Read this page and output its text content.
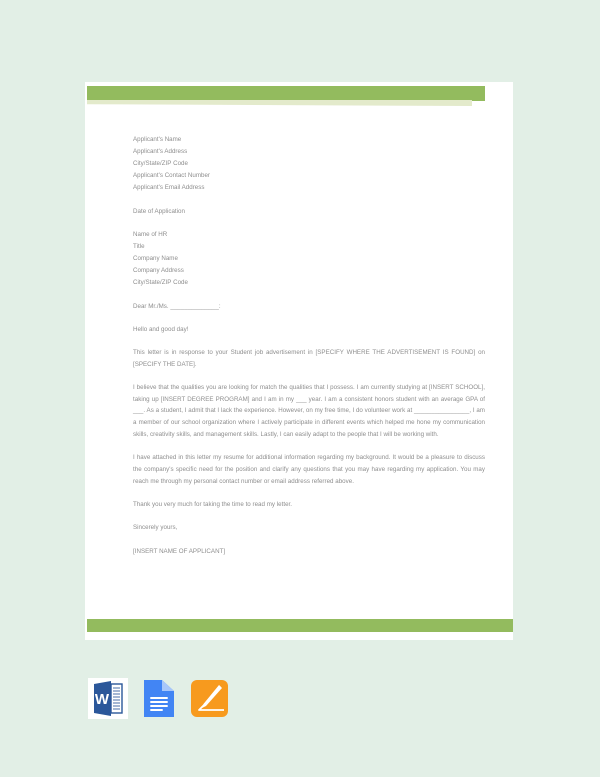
Applicant's Name
Applicant's Address
City/State/ZIP Code
Applicant's Contact Number
Applicant's Email Address
Date of Application
Name of HR
Title
Company Name
Company Address
City/State/ZIP Code

Dear Mr./Ms. ______________:

Hello and good day!

This letter is in response to your Student job advertisement in [SPECIFY WHERE THE ADVERTISEMENT IS FOUND] on [SPECIFY THE DATE].

I believe that the qualities you are looking for match the qualities that I possess. I am currently studying at [INSERT SCHOOL], taking up [INSERT DEGREE PROGRAM] and I am in my ___ year. I am a consistent honors student with an average GPA of ___. As a student, I admit that I lack the experience. However, on my free time, I do volunteer work at ________________, I am a member of our school organization where I actively participate in different events which helped me hone my communication skills, creativity skills, and management skills. Lastly, I can easily adapt to the people that I will be working with.

I have attached in this letter my resume for additional information regarding my background. It would be a pleasure to discuss the company's specific need for the position and clarify any questions that you may have regarding my application. You may reach me through my personal contact number or email address referred above.

Thank you very much for taking the time to read my letter.

Sincerely yours,

[INSERT NAME OF APPLICANT]

W
